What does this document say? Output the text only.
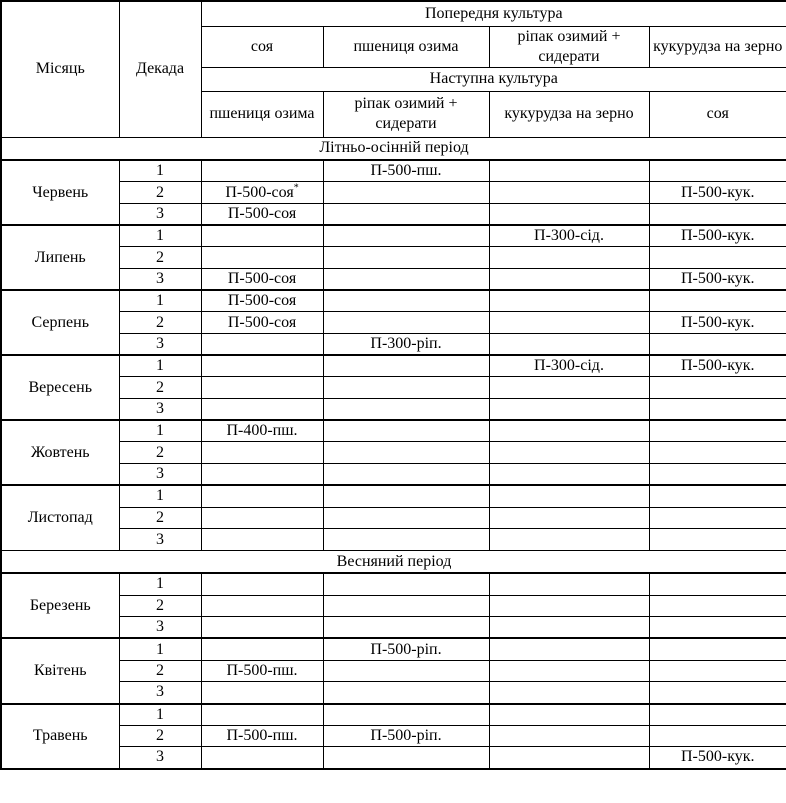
Місяць	Декада	Попередня культура			
		соя	пшениця озима	ріпак озимий + сидерати	кукурудза на зерно
		Наступна культура			
		пшениця озима	ріпак озимий + сидерати	кукурудза на зерно	соя
Літньо-осінній період					
Червень	1		П-500-пш.		
	2	П-500-соя*			П-500-кук.
	3	П-500-соя			
Липень	1			П-300-сід.	П-500-кук.
	2				
	3	П-500-соя			П-500-кук.
Серпень	1	П-500-соя			
	2	П-500-соя			П-500-кук.
	3		П-300-ріп.		
Вересень	1			П-300-сід.	П-500-кук.
	2				
	3				
Жовтень	1	П-400-пш.			
	2				
	3				
Листопад	1				
	2				
	3				
Весняний період					
Березень	1				
	2				
	3				
Квітень	1		П-500-ріп.		
	2	П-500-пш.			
	3				
Травень	1				
	2	П-500-пш.	П-500-ріп.		
	3				П-500-кук.
